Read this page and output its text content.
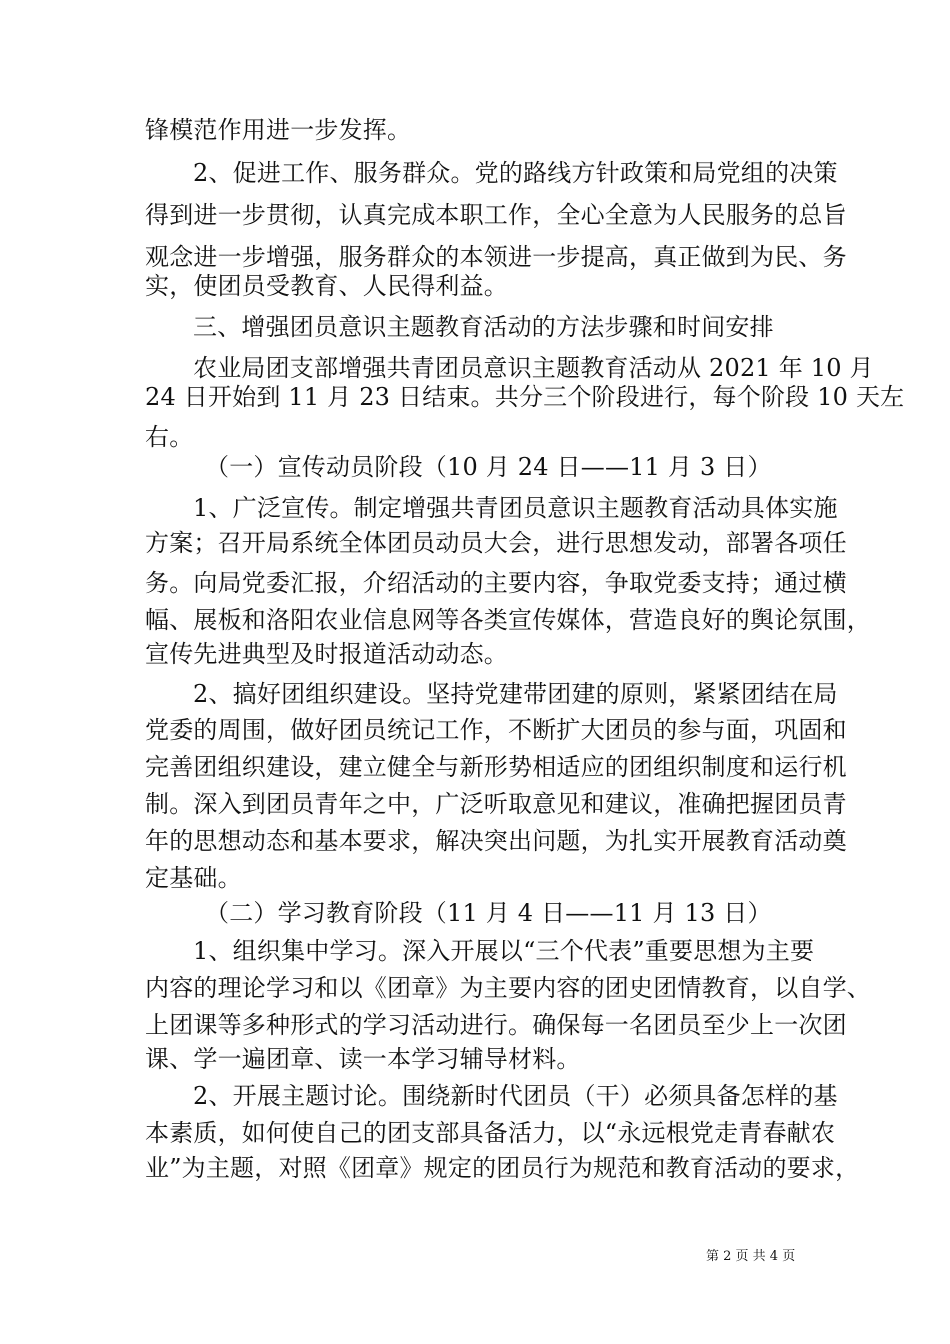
锋模范作用进一步发挥。
2、促进工作、服务群众。党的路线方针政策和局党组的决策
得到进一步贯彻，认真完成本职工作，全心全意为人民服务的总旨
观念进一步增强，服务群众的本领进一步提高，真正做到为民、务
实，使团员受教育、人民得利益。
三、增强团员意识主题教育活动的方法步骤和时间安排
农业局团支部增强共青团员意识主题教育活动从 2021 年 10 月
24 日开始到 11 月 23 日结束。共分三个阶段进行，每个阶段 10 天左
右。
（一）宣传动员阶段（10 月 24 日——11 月 3 日）
1、广泛宣传。制定增强共青团员意识主题教育活动具体实施
方案；召开局系统全体团员动员大会，进行思想发动，部署各项任
务。向局党委汇报，介绍活动的主要内容，争取党委支持；通过横
幅、展板和洛阳农业信息网等各类宣传媒体，营造良好的舆论氛围，
宣传先进典型及时报道活动动态。
2、搞好团组织建设。坚持党建带团建的原则，紧紧团结在局
党委的周围，做好团员统记工作，不断扩大团员的参与面，巩固和
完善团组织建设，建立健全与新形势相适应的团组织制度和运行机
制。深入到团员青年之中，广泛听取意见和建议，准确把握团员青
年的思想动态和基本要求，解决突出问题，为扎实开展教育活动奠
定基础。
（二）学习教育阶段（11 月 4 日——11 月 13 日）
1、组织集中学习。深入开展以“三个代表”重要思想为主要
内容的理论学习和以《团章》为主要内容的团史团情教育，以自学、
上团课等多种形式的学习活动进行。确保每一名团员至少上一次团
课、学一遍团章、读一本学习辅导材料。
2、开展主题讨论。围绕新时代团员（干）必须具备怎样的基
本素质，如何使自己的团支部具备活力，以“永远根党走青春献农
业”为主题，对照《团章》规定的团员行为规范和教育活动的要求，
第 2 页 共 4 页
